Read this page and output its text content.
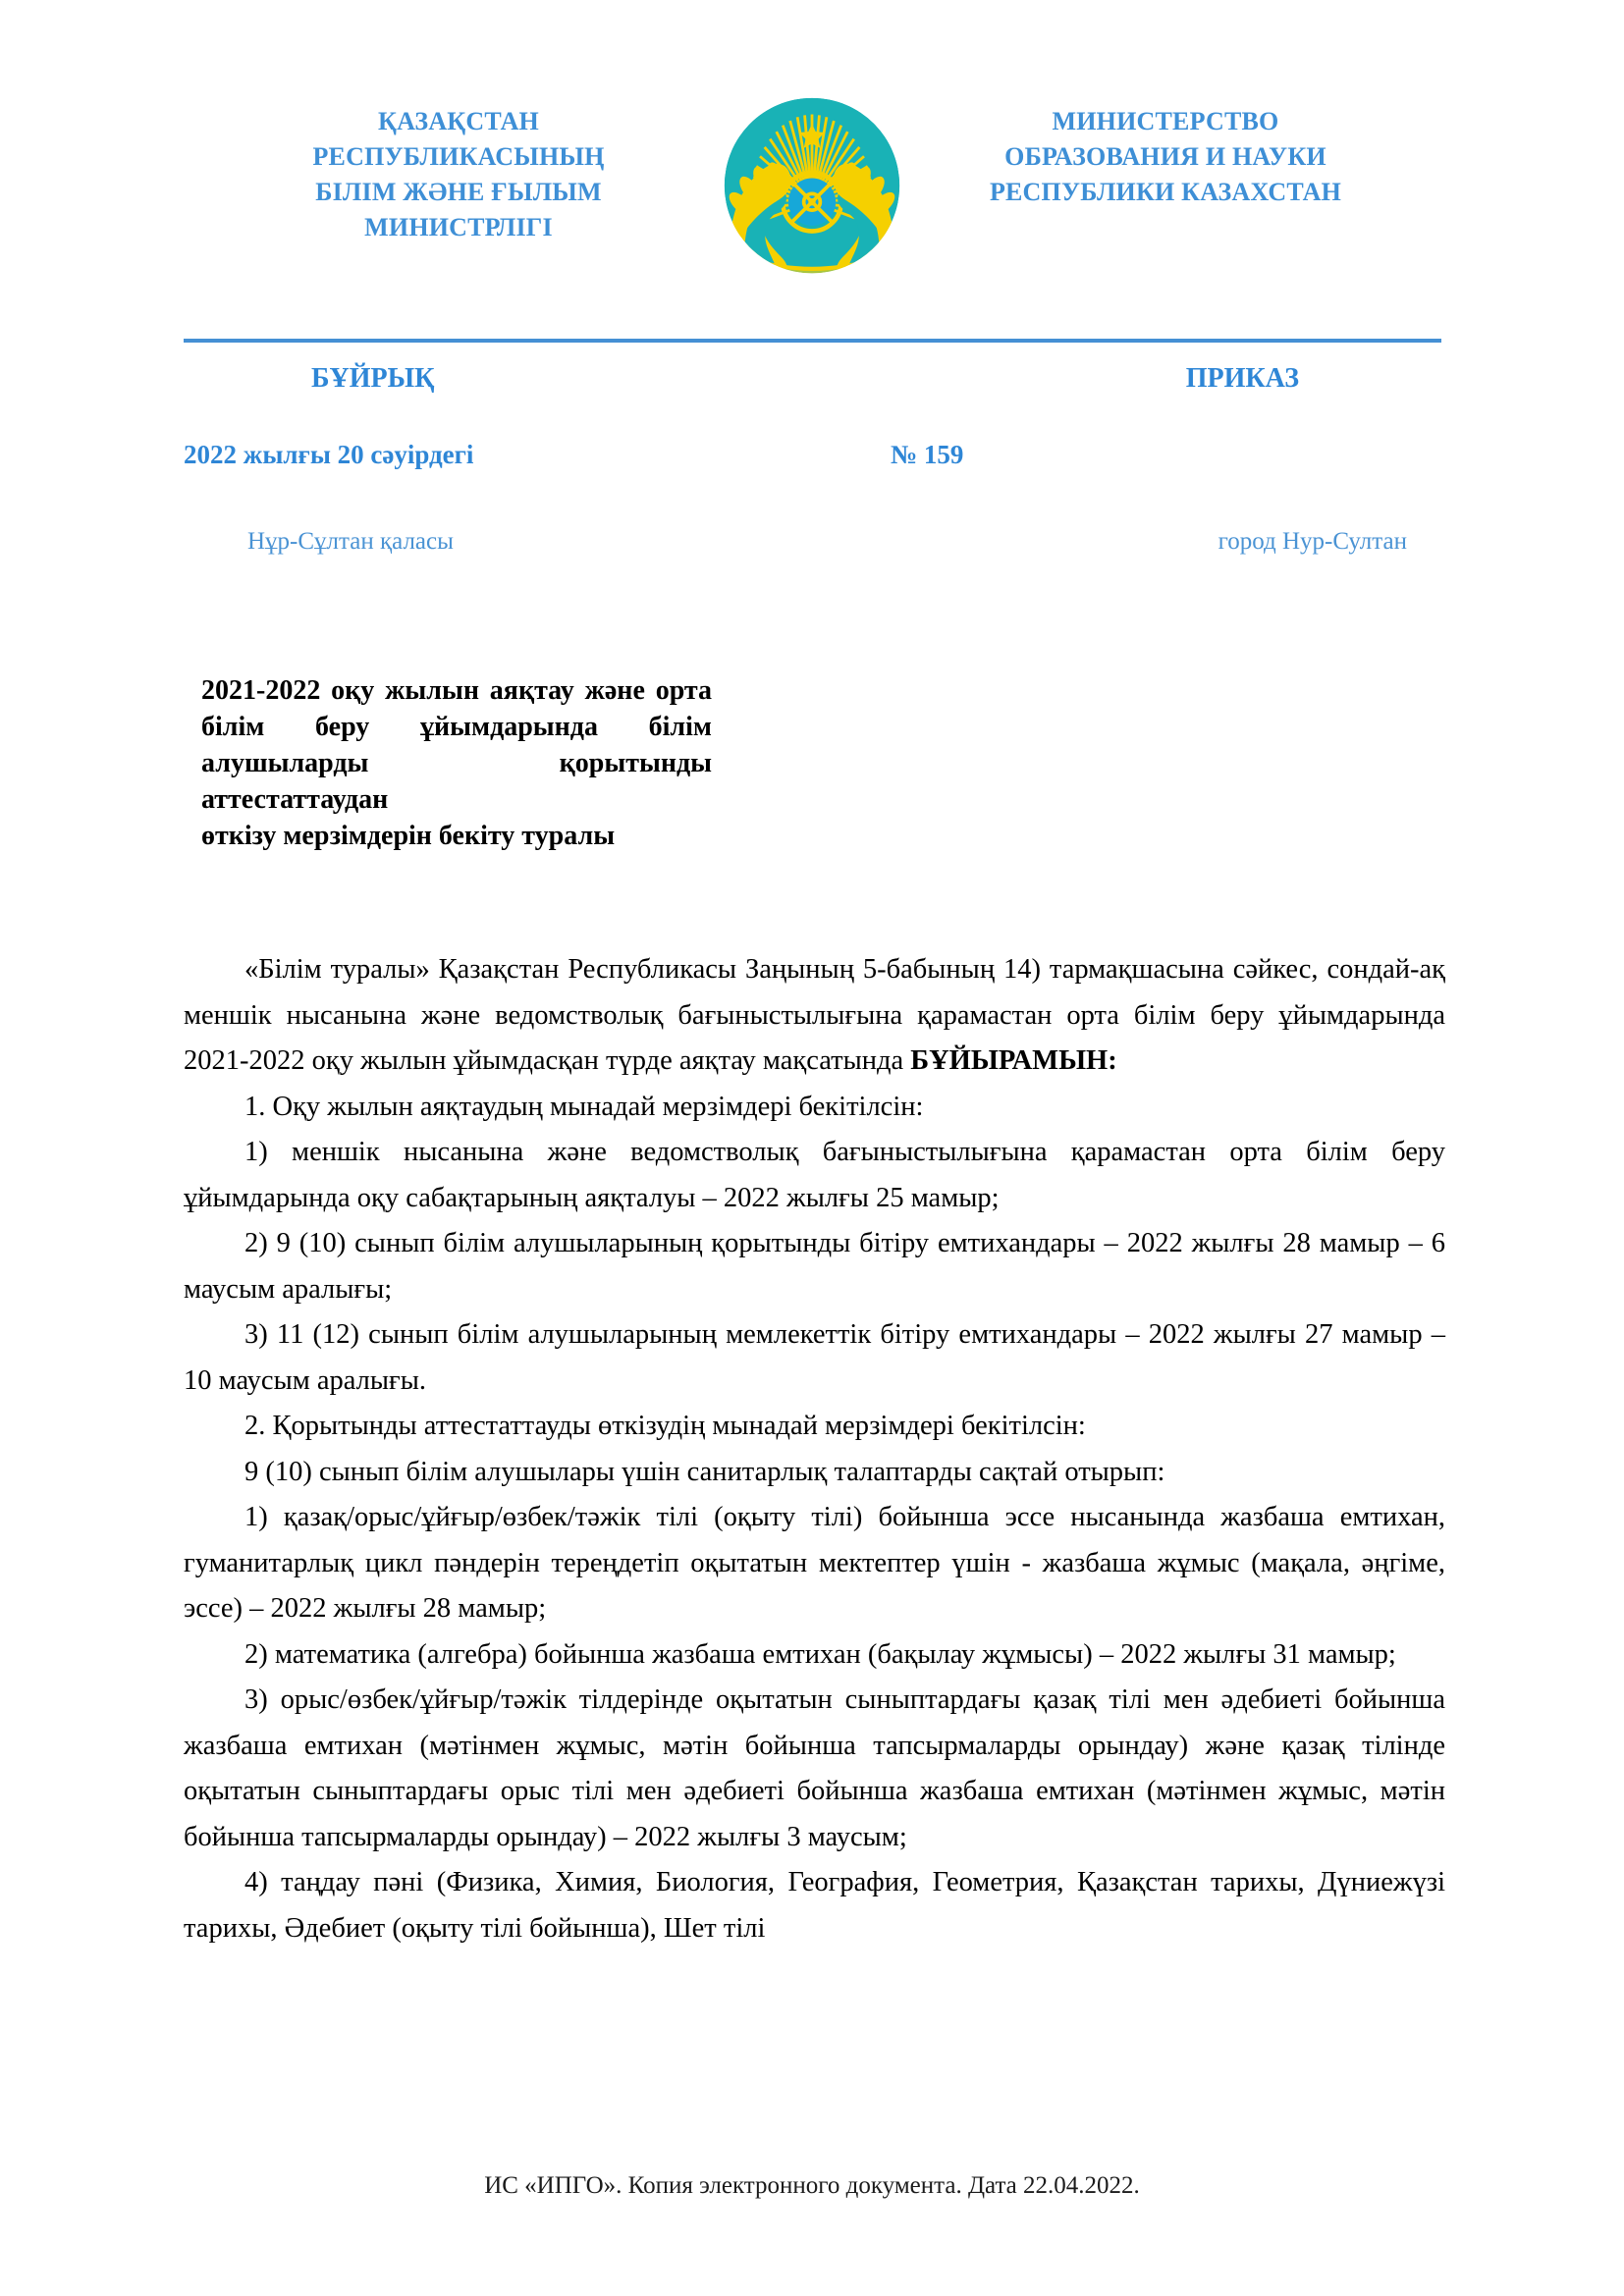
ҚАЗАҚСТАН
РЕСПУБЛИКАСЫНЫҢ
БІЛІМ ЖӘНЕ ҒЫЛЫМ
МИНИСТРЛІГІ
МИНИСТЕРСТВО
ОБРАЗОВАНИЯ И НАУКИ
РЕСПУБЛИКИ КАЗАХСТАН
БҰЙРЫҚ	ПРИКАЗ
2022 жылғы 20 сәуірдегі	№ 159
Нұр-Сұлтан қаласы	город Нур-Султан
2021-2022 оқу жылын аяқтау және орта
білім беру ұйымдарында білім
алушыларды қорытынды аттестаттаудан
өткізу мерзімдерін бекіту туралы

«Білім туралы» Қазақстан Республикасы Заңының 5-бабының 14) тармақшасына сәйкес, сондай-ақ меншік нысанына және ведомстволық бағыныстылығына қарамастан орта білім беру ұйымдарында 2021-2022 оқу жылын ұйымдасқан түрде аяқтау мақсатында БҰЙЫРАМЫН:

1. Оқу жылын аяқтаудың мынадай мерзімдері бекітілсін:

1) меншік нысанына және ведомстволық бағыныстылығына қарамастан орта білім беру ұйымдарында оқу сабақтарының аяқталуы – 2022 жылғы 25 мамыр;

2) 9 (10) сынып білім алушыларының қорытынды бітіру емтихандары – 2022 жылғы 28 мамыр – 6 маусым аралығы;

3) 11 (12) сынып білім алушыларының мемлекеттік бітіру емтихандары – 2022 жылғы 27 мамыр – 10 маусым аралығы.

2. Қорытынды аттестаттауды өткізудің мынадай мерзімдері бекітілсін:

9 (10) сынып білім алушылары үшін санитарлық талаптарды сақтай отырып:

1) қазақ/орыс/ұйғыр/өзбек/тәжік тілі (оқыту тілі) бойынша эссе нысанында жазбаша емтихан, гуманитарлық цикл пәндерін тереңдетіп оқытатын мектептер үшін - жазбаша жұмыс (мақала, әңгіме, эссе) – 2022 жылғы 28 мамыр;

2) математика (алгебра) бойынша жазбаша емтихан (бақылау жұмысы) – 2022 жылғы 31 мамыр;

3) орыс/өзбек/ұйғыр/тәжік тілдерінде оқытатын сыныптардағы қазақ тілі мен әдебиеті бойынша жазбаша емтихан (мәтінмен жұмыс, мәтін бойынша тапсырмаларды орындау) және қазақ тілінде оқытатын сыныптардағы орыс тілі мен әдебиеті бойынша жазбаша емтихан (мәтінмен жұмыс, мәтін бойынша тапсырмаларды орындау) – 2022 жылғы 3 маусым;

4) таңдау пәні (Физика, Химия, Биология, География, Геометрия, Қазақстан тарихы, Дүниежүзі тарихы, Әдебиет (оқыту тілі бойынша), Шет тілі

ИС «ИПГО». Копия электронного документа. Дата 22.04.2022.
